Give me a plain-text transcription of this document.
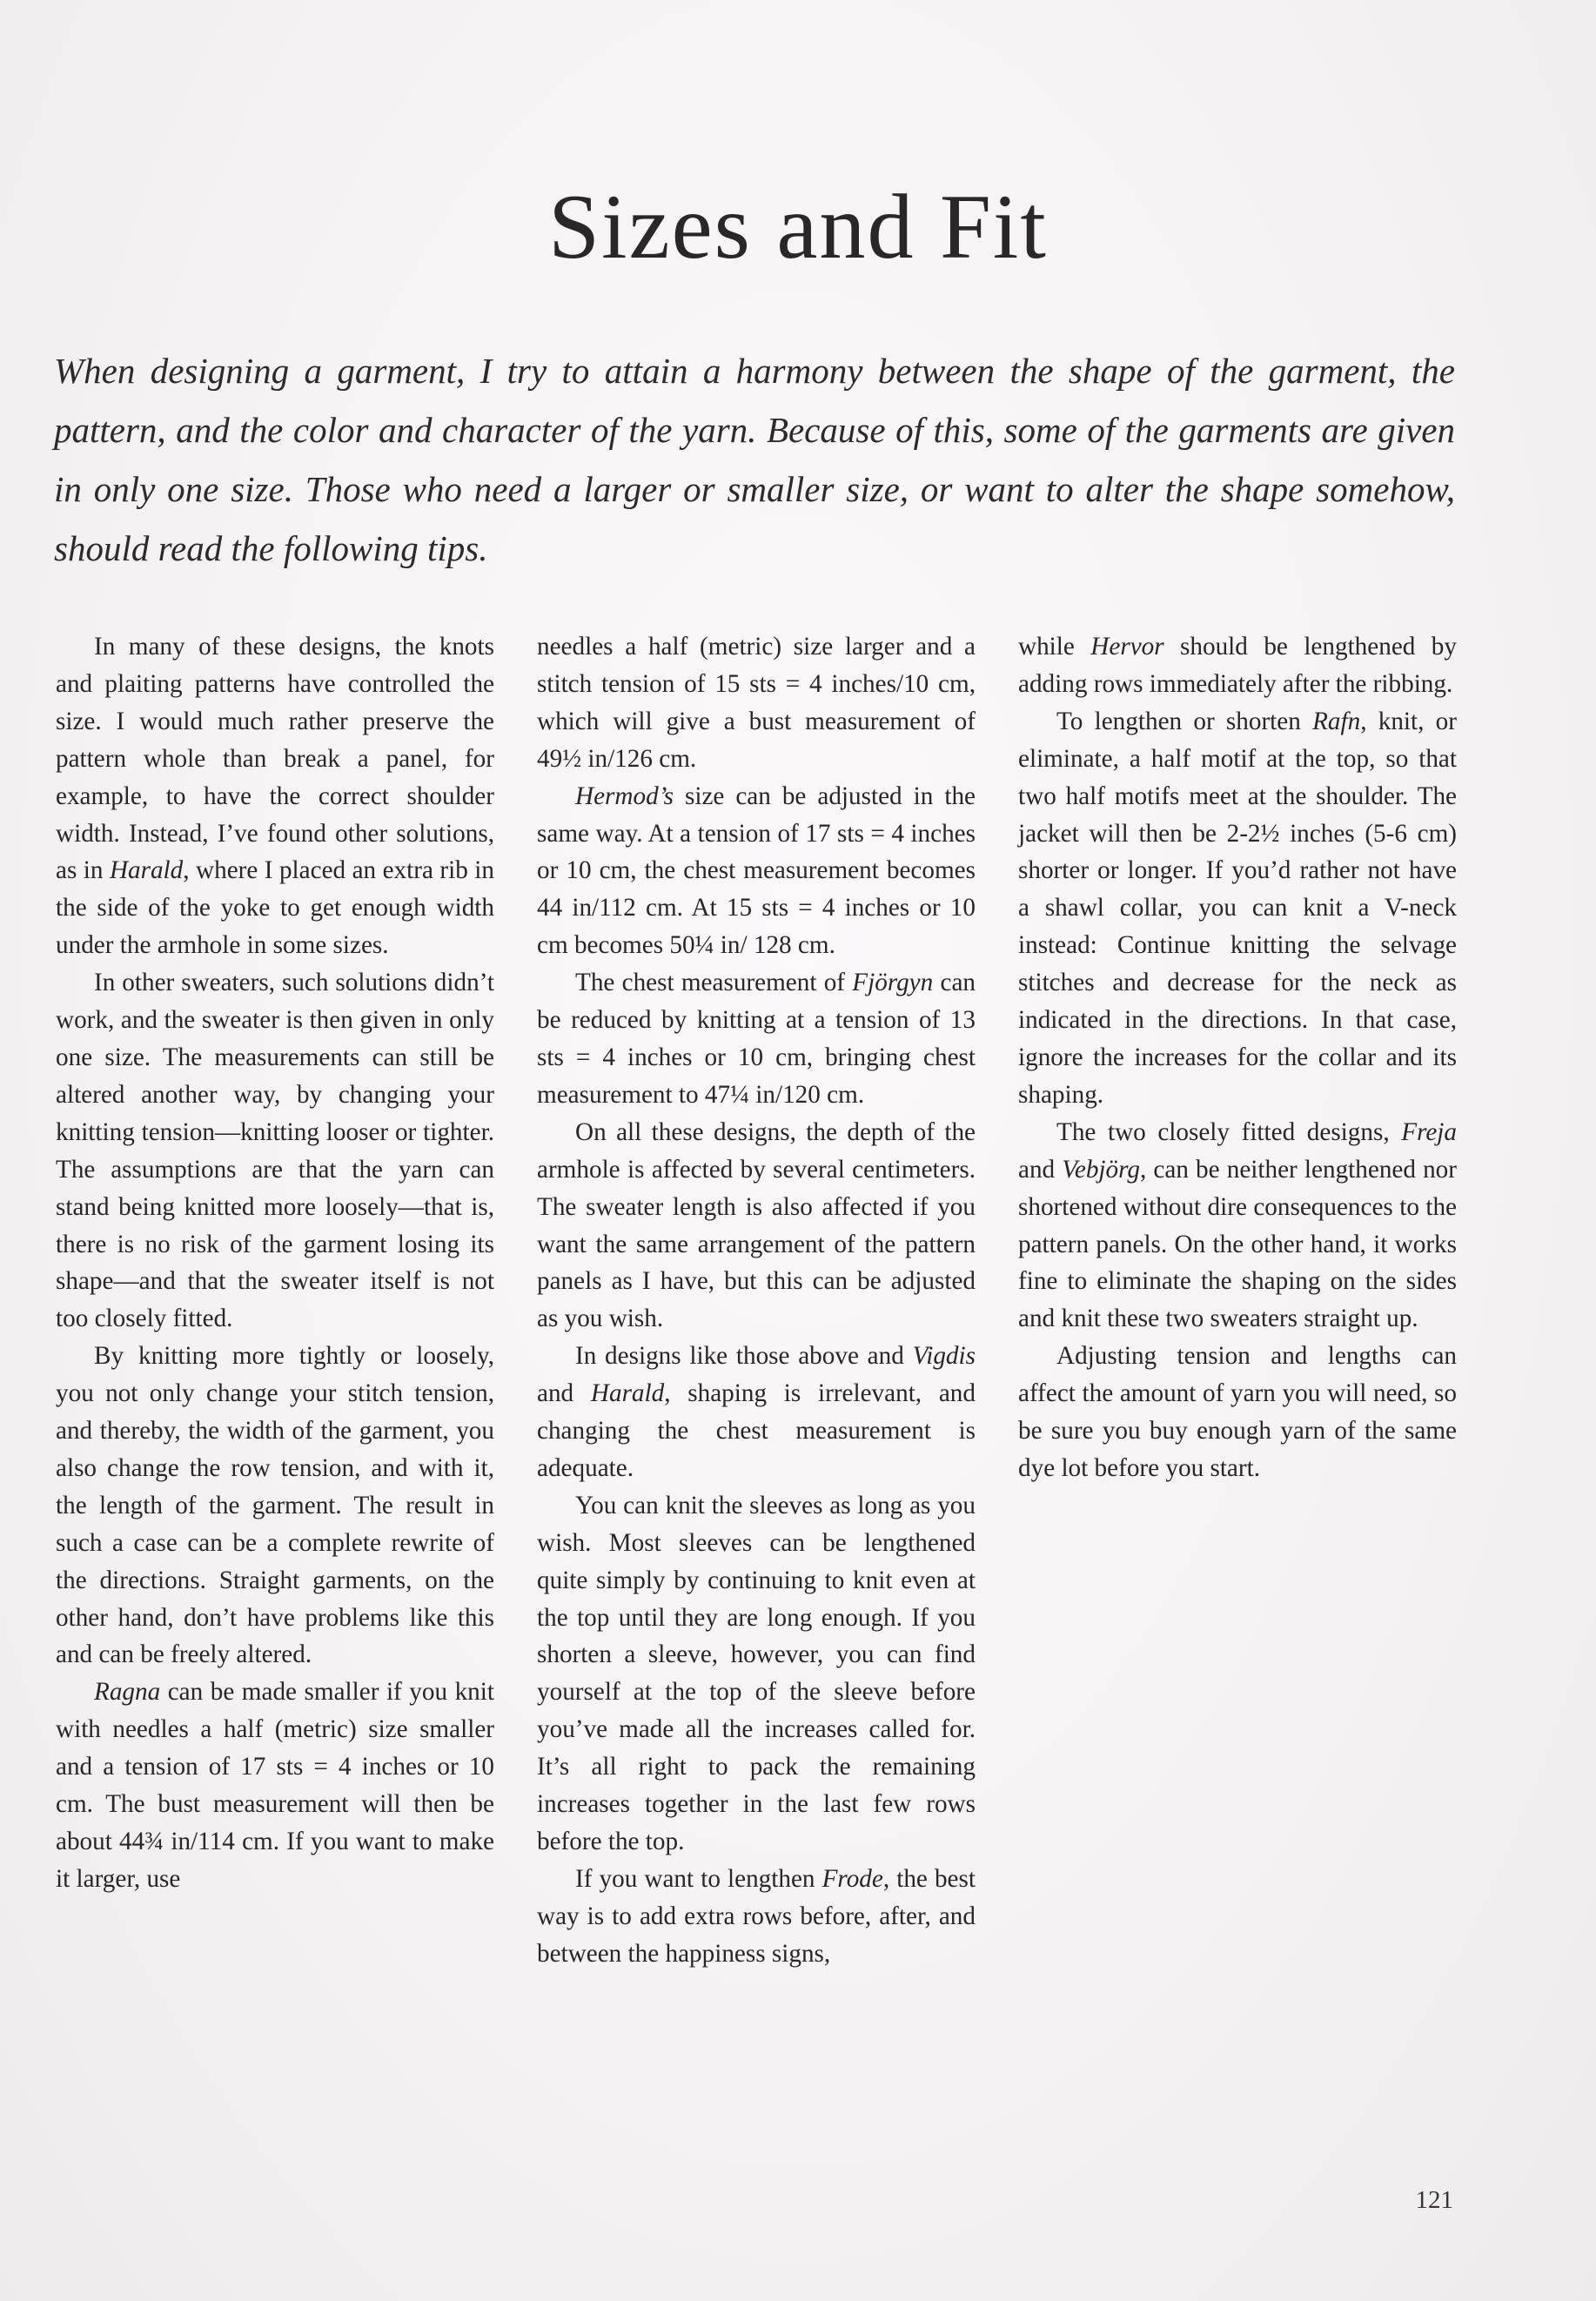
Sizes and Fit

When designing a garment, I try to attain a harmony between the shape of the garment, the pattern, and the color and character of the yarn. Because of this, some of the garments are given in only one size. Those who need a larger or smaller size, or want to alter the shape somehow, should read the following tips.

In many of these designs, the knots and plaiting patterns have controlled the size. I would much rather preserve the pattern whole than break a panel, for example, to have the correct shoulder width. Instead, I’ve found other solutions, as in Harald, where I placed an extra rib in the side of the yoke to get enough width under the armhole in some sizes.

In other sweaters, such solutions didn’t work, and the sweater is then given in only one size. The measurements can still be altered another way, by changing your knitting tension—knitting looser or tighter. The assumptions are that the yarn can stand being knitted more loosely—that is, there is no risk of the garment losing its shape—and that the sweater itself is not too closely fitted.

By knitting more tightly or loosely, you not only change your stitch tension, and thereby, the width of the garment, you also change the row tension, and with it, the length of the garment. The result in such a case can be a complete rewrite of the directions. Straight garments, on the other hand, don’t have problems like this and can be freely altered.

Ragna can be made smaller if you knit with needles a half (metric) size smaller and a tension of 17 sts = 4 inches or 10 cm. The bust measurement will then be about 44¾ in/114 cm. If you want to make it larger, use

needles a half (metric) size larger and a stitch tension of 15 sts = 4 inches/10 cm, which will give a bust measurement of 49½ in/126 cm.

Hermod’s size can be adjusted in the same way. At a tension of 17 sts = 4 inches or 10 cm, the chest measurement becomes 44 in/112 cm. At 15 sts = 4 inches or 10 cm becomes 50¼ in/ 128 cm.

The chest measurement of Fjörgyn can be reduced by knitting at a tension of 13 sts = 4 inches or 10 cm, bringing chest measurement to 47¼ in/120 cm.

On all these designs, the depth of the armhole is affected by several centimeters. The sweater length is also affected if you want the same arrangement of the pattern panels as I have, but this can be adjusted as you wish.

In designs like those above and Vigdis and Harald, shaping is irrelevant, and changing the chest measurement is adequate.

You can knit the sleeves as long as you wish. Most sleeves can be lengthened quite simply by continuing to knit even at the top until they are long enough. If you shorten a sleeve, however, you can find yourself at the top of the sleeve before you’ve made all the increases called for. It’s all right to pack the remaining increases together in the last few rows before the top.

If you want to lengthen Frode, the best way is to add extra rows before, after, and between the happiness signs,

while Hervor should be lengthened by adding rows immediately after the ribbing.

To lengthen or shorten Rafn, knit, or eliminate, a half motif at the top, so that two half motifs meet at the shoulder. The jacket will then be 2-2½ inches (5-6 cm) shorter or longer. If you’d rather not have a shawl collar, you can knit a V-neck instead: Continue knitting the selvage stitches and decrease for the neck as indicated in the directions. In that case, ignore the increases for the collar and its shaping.

The two closely fitted designs, Freja and Vebjörg, can be neither lengthened nor shortened without dire consequences to the pattern panels. On the other hand, it works fine to eliminate the shaping on the sides and knit these two sweaters straight up.

Adjusting tension and lengths can affect the amount of yarn you will need, so be sure you buy enough yarn of the same dye lot before you start.

121
